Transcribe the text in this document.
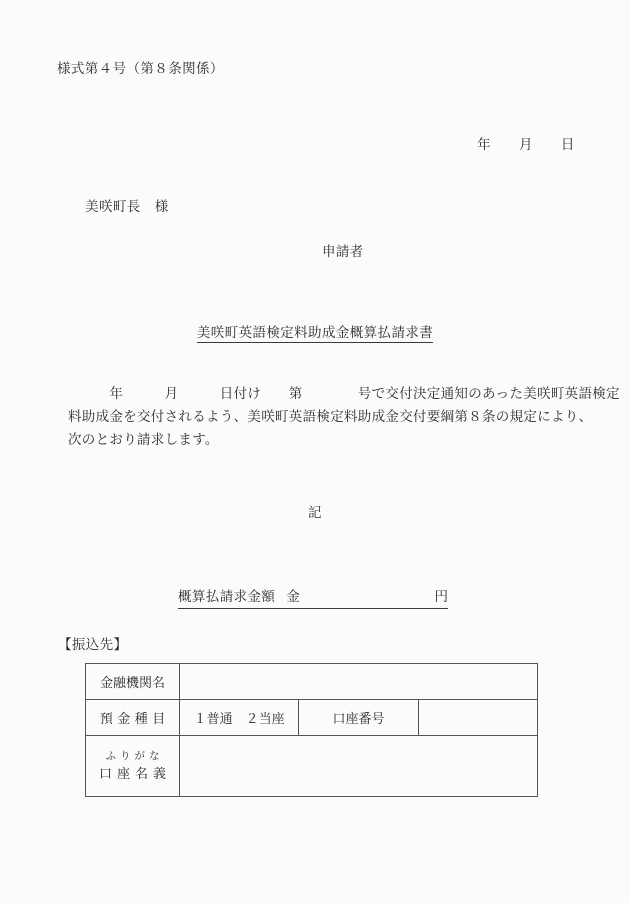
様式第４号（第８条関係）

年 月 日

美咲町長 様

申請者
美咲町英語検定料助成金概算払請求書
　　　年　　　月　　　日付け　　第　　　　号で交付決定通知のあった美咲町英語検定
料助成金を交付されるよう、美咲町英語検定料助成金交付要綱第８条の規定により、
次のとおり請求します。
記
概算払請求金額 金	円
【振込先】
金融機関名			
預金種目	１普通　２当座	口座番号	

ふりがな
口座名義			
